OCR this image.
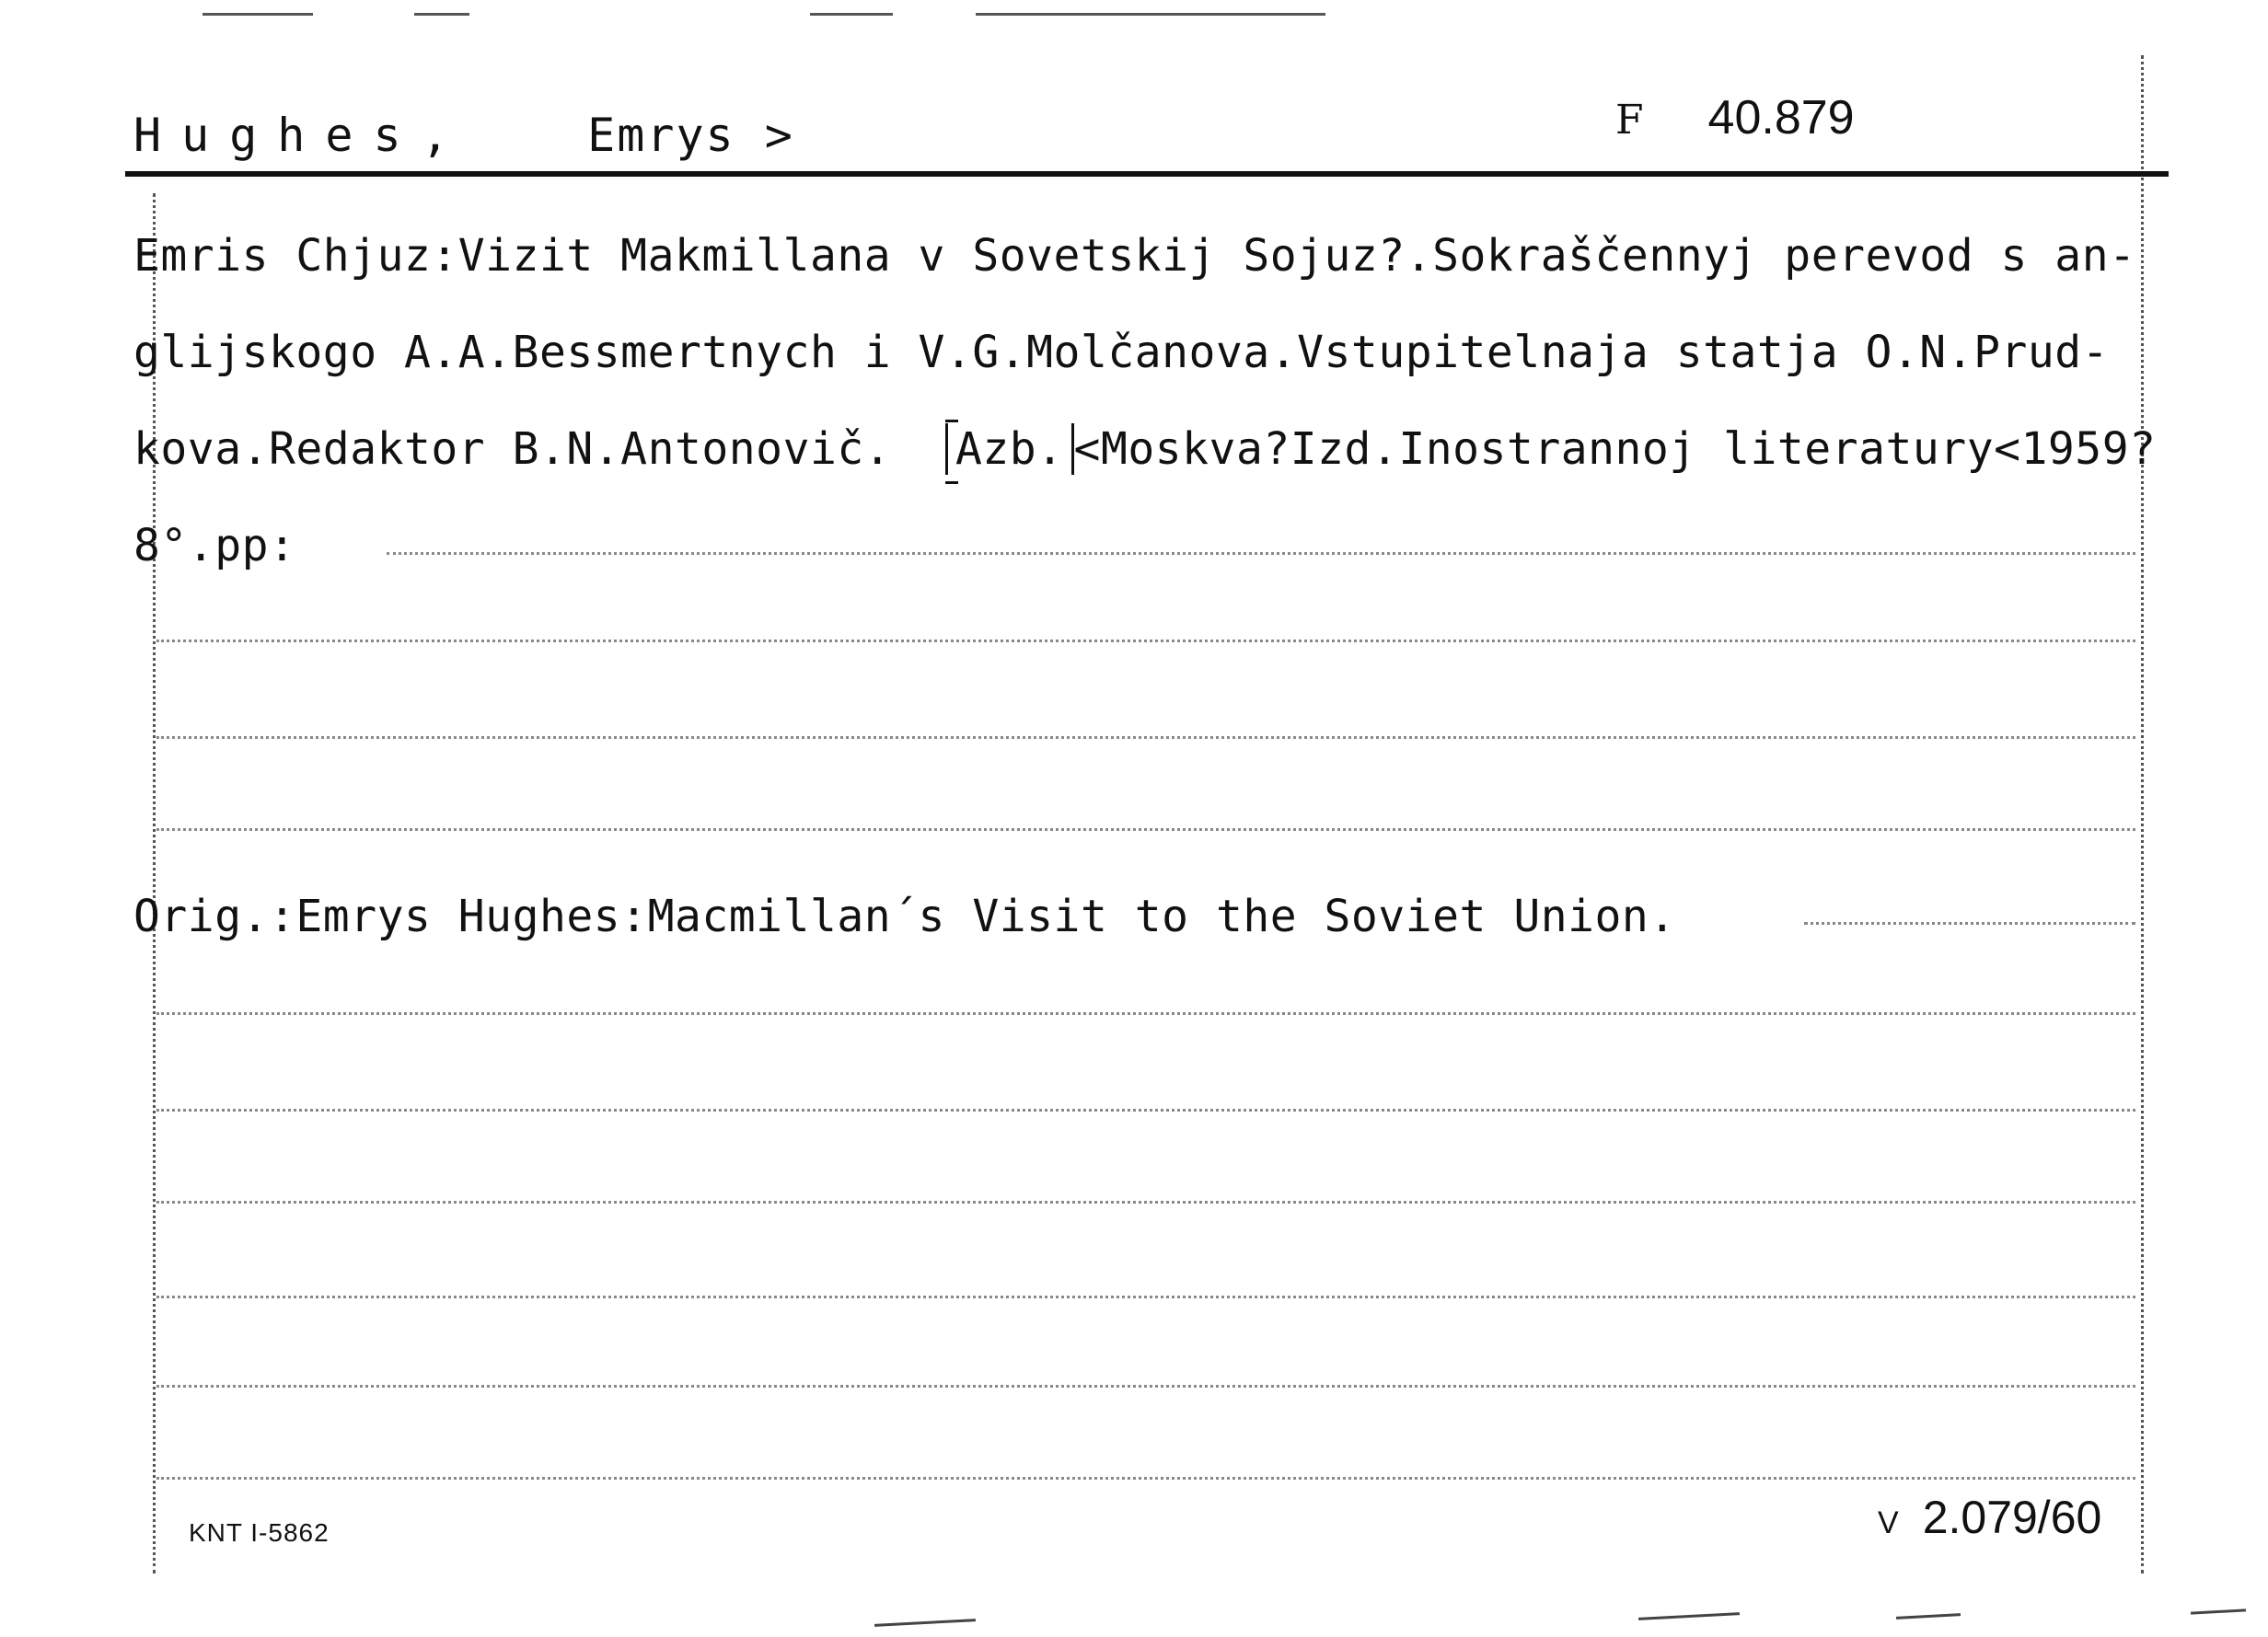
Hughes,	Emrys >	F 40.879
Emris Chjuz:Vizit Makmillana v Sovetskij Sojuz?.Sokraščennyj perevod s an-
glijskogo A.A.Bessmertnych i V.G.Molčanova.Vstupitelnaja statja O.N.Prud-
kova.Redaktor B.N.Antonovič. Azb. <Moskva?Izd.Inostrannoj literatury<1959?
8°.pp:
Orig.:Emrys Hughes:Macmillan´s Visit to the Soviet Union.
KNT I-5862	V 2.079/60
